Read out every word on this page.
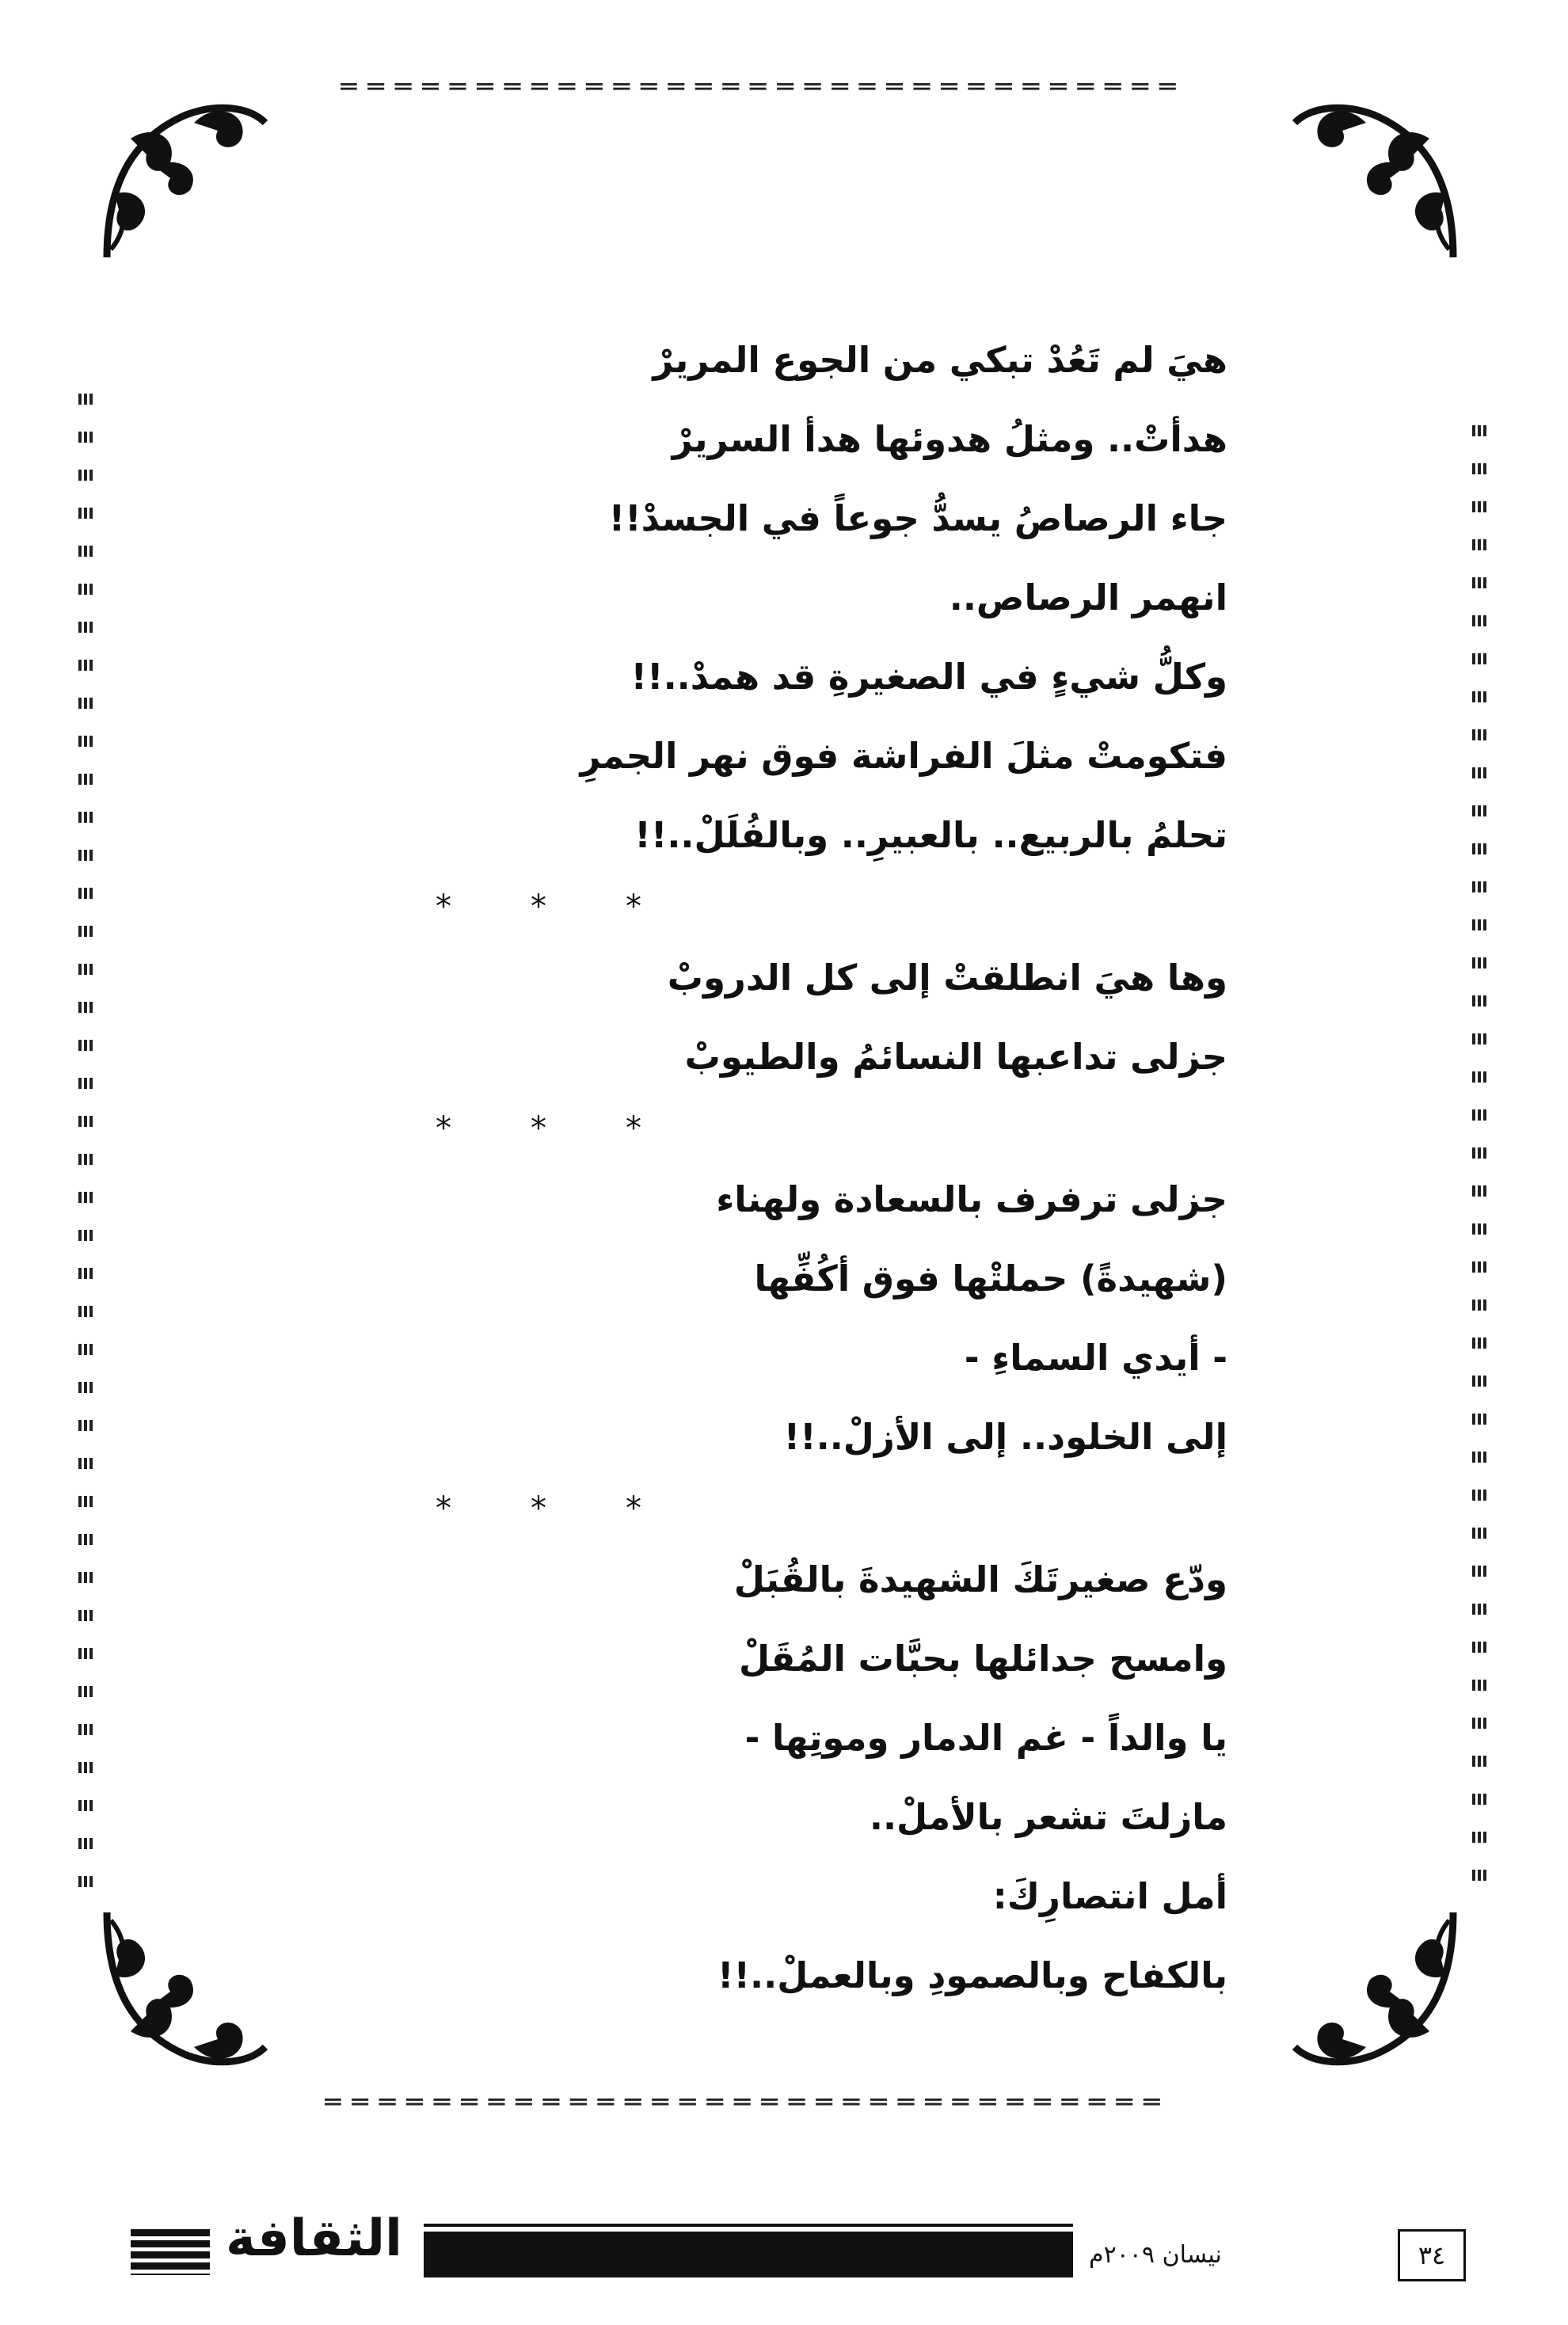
═══════════════════════════════
═══════════════════════════════
هيَ لم تَعُدْ تبكي من الجوع المريرْ
هدأتْ.. ومثلُ هدوئها هدأ السريرْ
جاء الرصاصُ يسدُّ جوعاً في الجسدْ!!
انهمر الرصاص..
وكلُّ شيءٍ في الصغيرةِ قد همدْ..!!
فتكومتْ مثلَ الفراشة فوق نهر الجمرِ
تحلمُ بالربيع.. بالعبيرِ.. وبالفُلَلْ..!!
*	*	*
وها هيَ انطلقتْ إلى كل الدروبْ
جزلى تداعبها النسائمُ والطيوبْ
*	*	*
جزلى ترفرف بالسعادة ولهناء
(شهيدةً) حملتْها فوق أكُفِّها
- أيدي السماءِ -
إلى الخلود.. إلى الأزلْ..!!
*	*	*
ودّع صغيرتَكَ الشهيدةَ بالقُبَلْ
وامسح جدائلها بحبَّات المُقَلْ
يا والداً - غم الدمار وموتِها -
مازلتَ تشعر بالأملْ..
أمل انتصارِكَ:
بالكفاح وبالصمودِ وبالعملْ..!!
الثقافة	نيسان ٢٠٠٩م	٣٤
